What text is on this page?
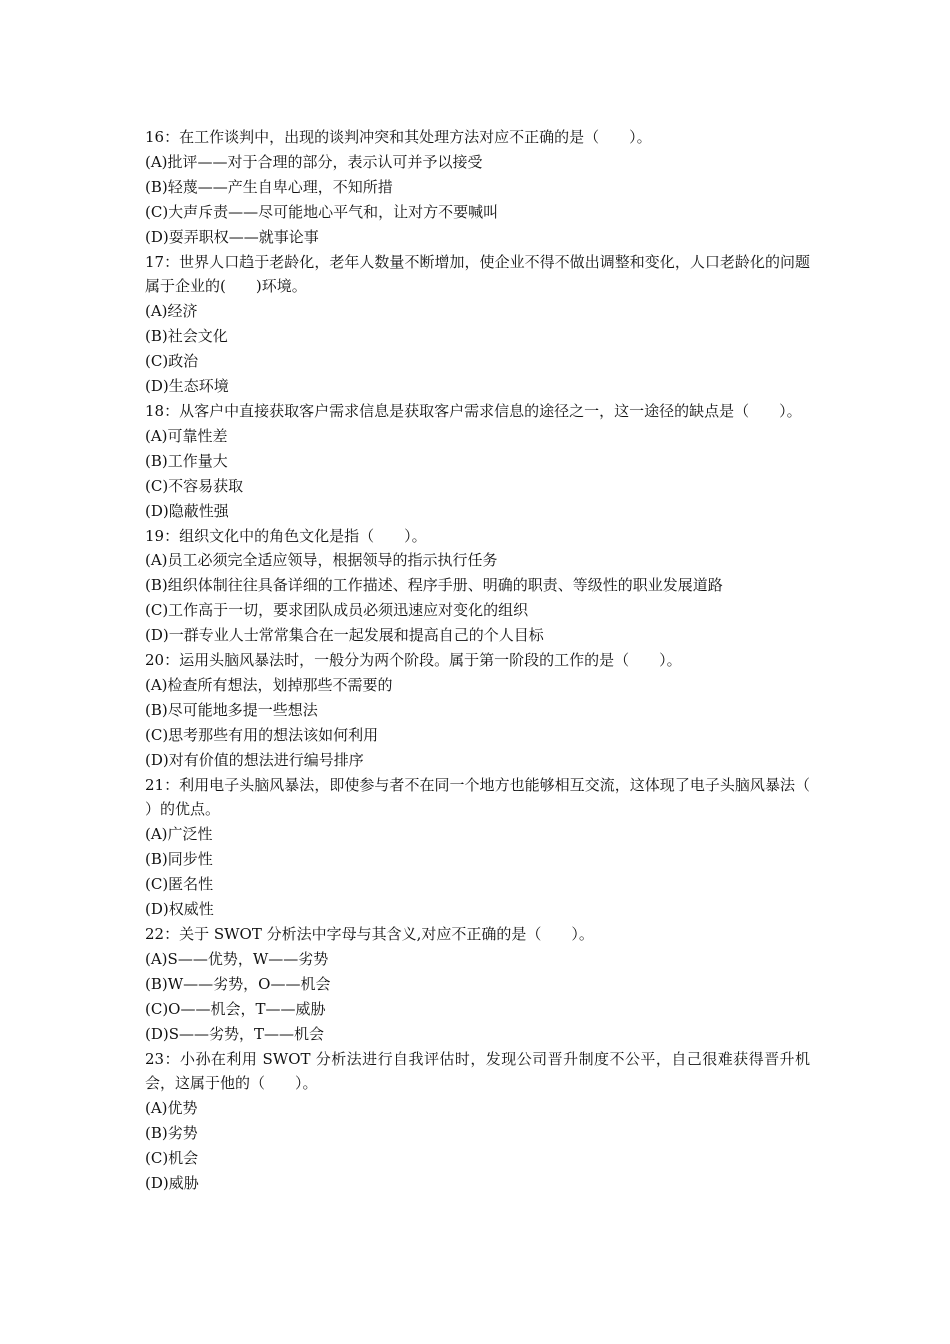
16：在工作谈判中，出现的谈判冲突和其处理方法对应不正确的是（　　）。

(A)批评——对于合理的部分，表示认可并予以接受

(B)轻蔑——产生自卑心理，不知所措

(C)大声斥责——尽可能地心平气和，让对方不要喊叫

(D)耍弄职权——就事论事

17：世界人口趋于老龄化，老年人数量不断增加，使企业不得不做出调整和变化，人口老龄化的问题属于企业的(　　)环境。

(A)经济

(B)社会文化

(C)政治

(D)生态环境

18：从客户中直接获取客户需求信息是获取客户需求信息的途径之一，这一途径的缺点是（　　）。

(A)可靠性差

(B)工作量大

(C)不容易获取

(D)隐蔽性强

19：组织文化中的角色文化是指（　　）。

(A)员工必须完全适应领导，根据领导的指示执行任务

(B)组织体制往往具备详细的工作描述、程序手册、明确的职责、等级性的职业发展道路

(C)工作高于一切，要求团队成员必须迅速应对变化的组织

(D)一群专业人士常常集合在一起发展和提高自己的个人目标

20：运用头脑风暴法时，一般分为两个阶段。属于第一阶段的工作的是（　　）。

(A)检查所有想法，划掉那些不需要的

(B)尽可能地多提一些想法

(C)思考那些有用的想法该如何利用

(D)对有价值的想法进行编号排序

21：利用电子头脑风暴法，即使参与者不在同一个地方也能够相互交流，这体现了电子头脑风暴法（　　）的优点。

(A)广泛性

(B)同步性

(C)匿名性

(D)权威性

22：关于 SWOT 分析法中字母与其含义,对应不正确的是（　　）。

(A)S——优势，W——劣势

(B)W——劣势，O——机会

(C)O——机会，T——威胁

(D)S——劣势，T——机会

23：小孙在利用 SWOT 分析法进行自我评估时，发现公司晋升制度不公平，自己很难获得晋升机会，这属于他的（　　）。

(A)优势

(B)劣势

(C)机会

(D)威胁
